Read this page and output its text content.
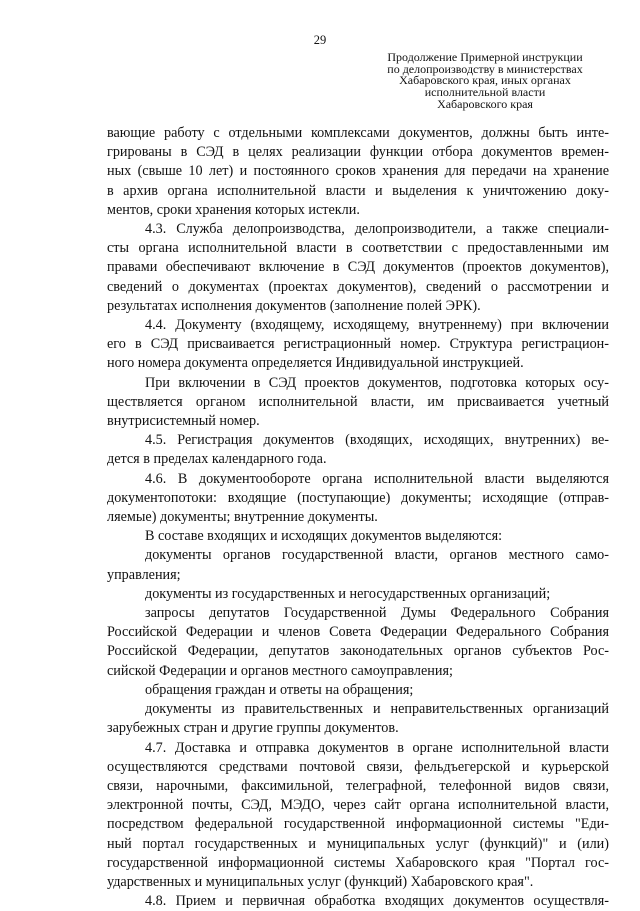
29
Продолжение Примерной инструкции
по делопроизводству в министерствах
Хабаровского края, иных органах
исполнительной власти
Хабаровского края
вающие работу с отдельными комплексами документов, должны быть инте-
грированы в СЭД в целях реализации функции отбора документов времен-
ных (свыше 10 лет) и постоянного сроков хранения для передачи на хранение
в архив органа исполнительной власти и выделения к уничтожению доку-
ментов, сроки хранения которых истекли.
4.3. Служба делопроизводства, делопроизводители, а также специали-
сты органа исполнительной власти в соответствии с предоставленными им
правами обеспечивают включение в СЭД документов (проектов документов),
сведений о документах (проектах документов), сведений о рассмотрении и
результатах исполнения документов (заполнение полей ЭРК).
4.4. Документу (входящему, исходящему, внутреннему) при включении
его в СЭД присваивается регистрационный номер. Структура регистрацион-
ного номера документа определяется Индивидуальной инструкцией.
При включении в СЭД проектов документов, подготовка которых осу-
ществляется органом исполнительной власти, им присваивается учетный
внутрисистемный номер.
4.5. Регистрация документов (входящих, исходящих, внутренних) ве-
дется в пределах календарного года.
4.6. В документообороте органа исполнительной власти выделяются
документопотоки: входящие (поступающие) документы; исходящие (отправ-
ляемые) документы; внутренние документы.
В составе входящих и исходящих документов выделяются:
документы органов государственной власти, органов местного само-
управления;
документы из государственных и негосударственных организаций;
запросы депутатов Государственной Думы Федерального Собрания
Российской Федерации и членов Совета Федерации Федерального Собрания
Российской Федерации, депутатов законодательных органов субъектов Рос-
сийской Федерации и органов местного самоуправления;
обращения граждан и ответы на обращения;
документы из правительственных и неправительственных организаций
зарубежных стран и другие группы документов.
4.7. Доставка и отправка документов в органе исполнительной власти
осуществляются средствами почтовой связи, фельдъегерской и курьерской
связи, нарочными, факсимильной, телеграфной, телефонной видов связи,
электронной почты, СЭД, МЭДО, через сайт органа исполнительной власти,
посредством федеральной государственной информационной системы "Еди-
ный портал государственных и муниципальных услуг (функций)" и (или)
государственной информационной системы Хабаровского края "Портал гос-
ударственных и муниципальных услуг (функций) Хабаровского края".
4.8. Прием и первичная обработка входящих документов осуществля-
